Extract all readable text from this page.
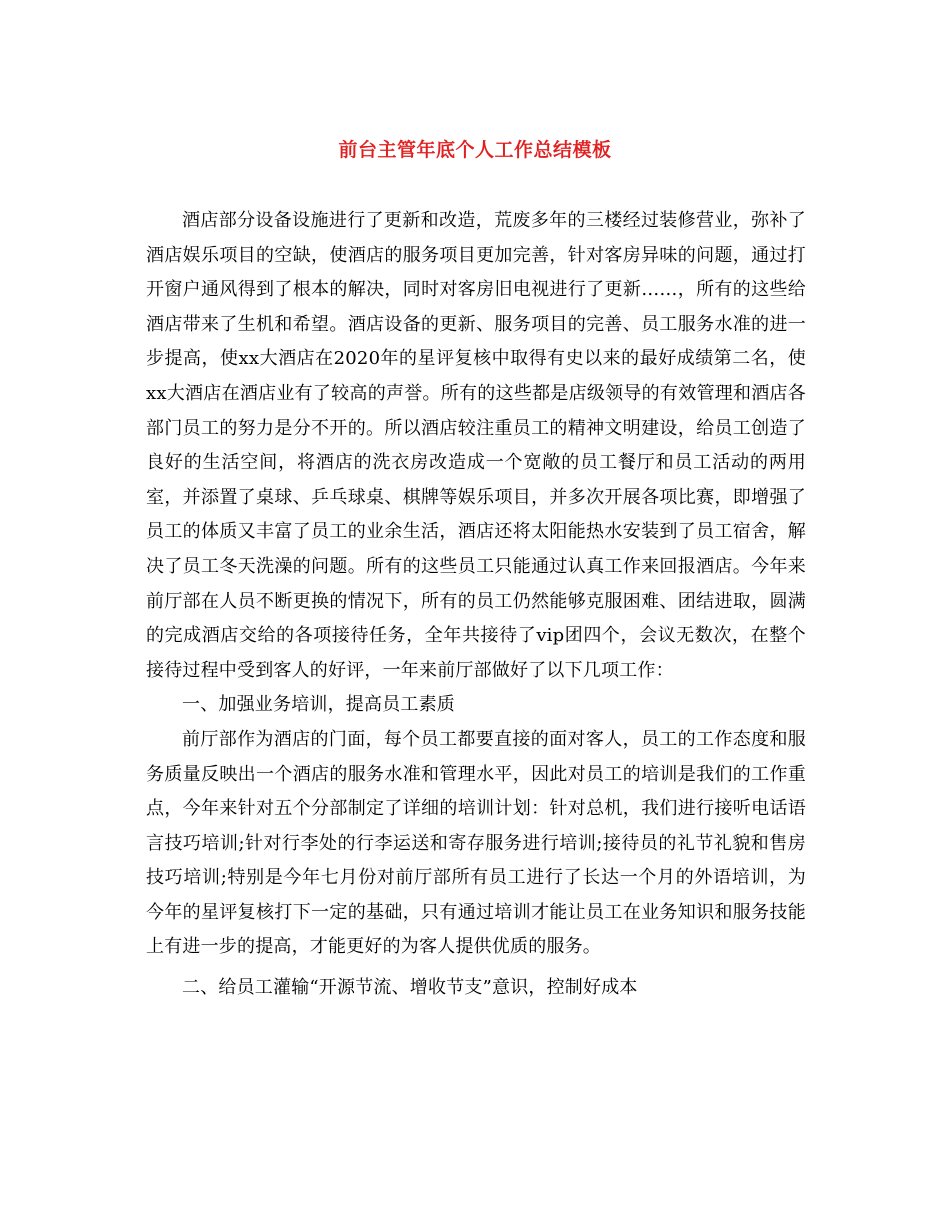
前台主管年底个人工作总结模板

酒店部分设备设施进行了更新和改造，荒废多年的三楼经过装修营业，弥补了酒店娱乐项目的空缺，使酒店的服务项目更加完善，针对客房异味的问题，通过打开窗户通风得到了根本的解决，同时对客房旧电视进行了更新……，所有的这些给酒店带来了生机和希望。酒店设备的更新、服务项目的完善、员工服务水准的进一步提高，使xx大酒店在2020年的星评复核中取得有史以来的最好成绩第二名，使xx大酒店在酒店业有了较高的声誉。所有的这些都是店级领导的有效管理和酒店各部门员工的努力是分不开的。所以酒店较注重员工的精神文明建设，给员工创造了良好的生活空间，将酒店的洗衣房改造成一个宽敞的员工餐厅和员工活动的两用室，并添置了桌球、乒乓球桌、棋牌等娱乐项目，并多次开展各项比赛，即增强了员工的体质又丰富了员工的业余生活，酒店还将太阳能热水安装到了员工宿舍，解决了员工冬天洗澡的问题。所有的这些员工只能通过认真工作来回报酒店。今年来前厅部在人员不断更换的情况下，所有的员工仍然能够克服困难、团结进取，圆满的完成酒店交给的各项接待任务，全年共接待了vip团四个，会议无数次，在整个接待过程中受到客人的好评，一年来前厅部做好了以下几项工作：

一、加强业务培训，提高员工素质

前厅部作为酒店的门面，每个员工都要直接的面对客人，员工的工作态度和服务质量反映出一个酒店的服务水准和管理水平，因此对员工的培训是我们的工作重点，今年来针对五个分部制定了详细的培训计划：针对总机，我们进行接听电话语言技巧培训;针对行李处的行李运送和寄存服务进行培训;接待员的礼节礼貌和售房技巧培训;特别是今年七月份对前厅部所有员工进行了长达一个月的外语培训，为今年的星评复核打下一定的基础，只有通过培训才能让员工在业务知识和服务技能上有进一步的提高，才能更好的为客人提供优质的服务。

二、给员工灌输“开源节流、增收节支”意识，控制好成本
